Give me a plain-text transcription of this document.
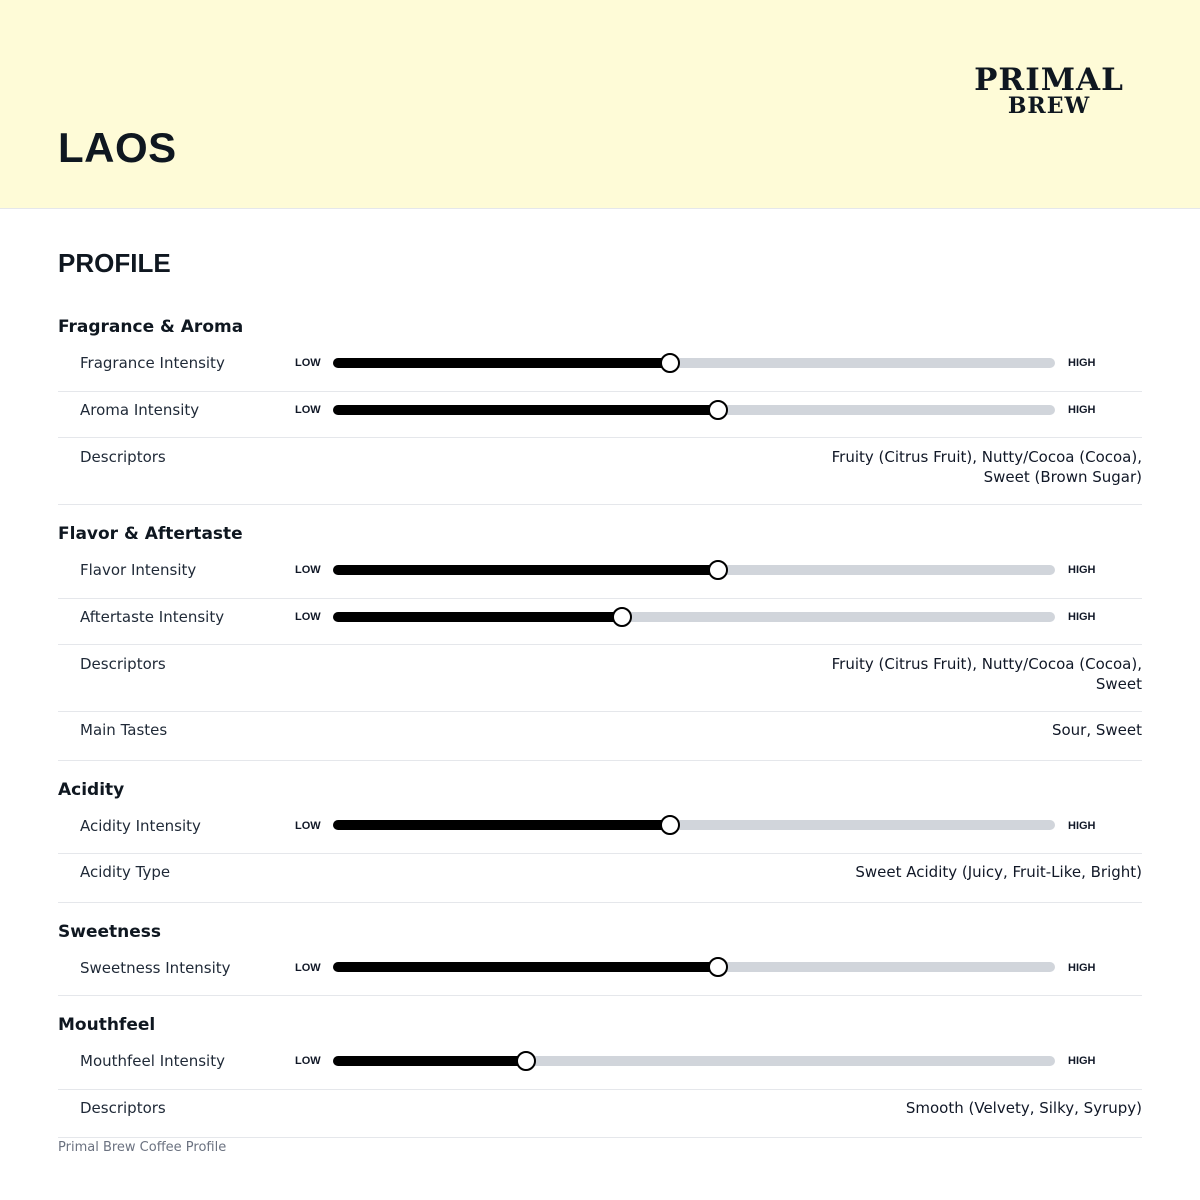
LAOS
PRIMAL
BREW
PROFILE
Fragrance & Aroma
Fragrance Intensity	LOW	HIGH
Aroma Intensity	LOW	HIGH
Descriptors	Fruity (Citrus Fruit), Nutty/Cocoa (Cocoa),
Sweet (Brown Sugar)
Flavor & Aftertaste
Flavor Intensity	LOW	HIGH
Aftertaste Intensity	LOW	HIGH
Descriptors	Fruity (Citrus Fruit), Nutty/Cocoa (Cocoa),
Sweet
Main Tastes	Sour, Sweet
Acidity
Acidity Intensity	LOW	HIGH
Acidity Type	Sweet Acidity (Juicy, Fruit-Like, Bright)
Sweetness
Sweetness Intensity	LOW	HIGH
Mouthfeel
Mouthfeel Intensity	LOW	HIGH
Descriptors	Smooth (Velvety, Silky, Syrupy)
Primal Brew Coffee Profile
